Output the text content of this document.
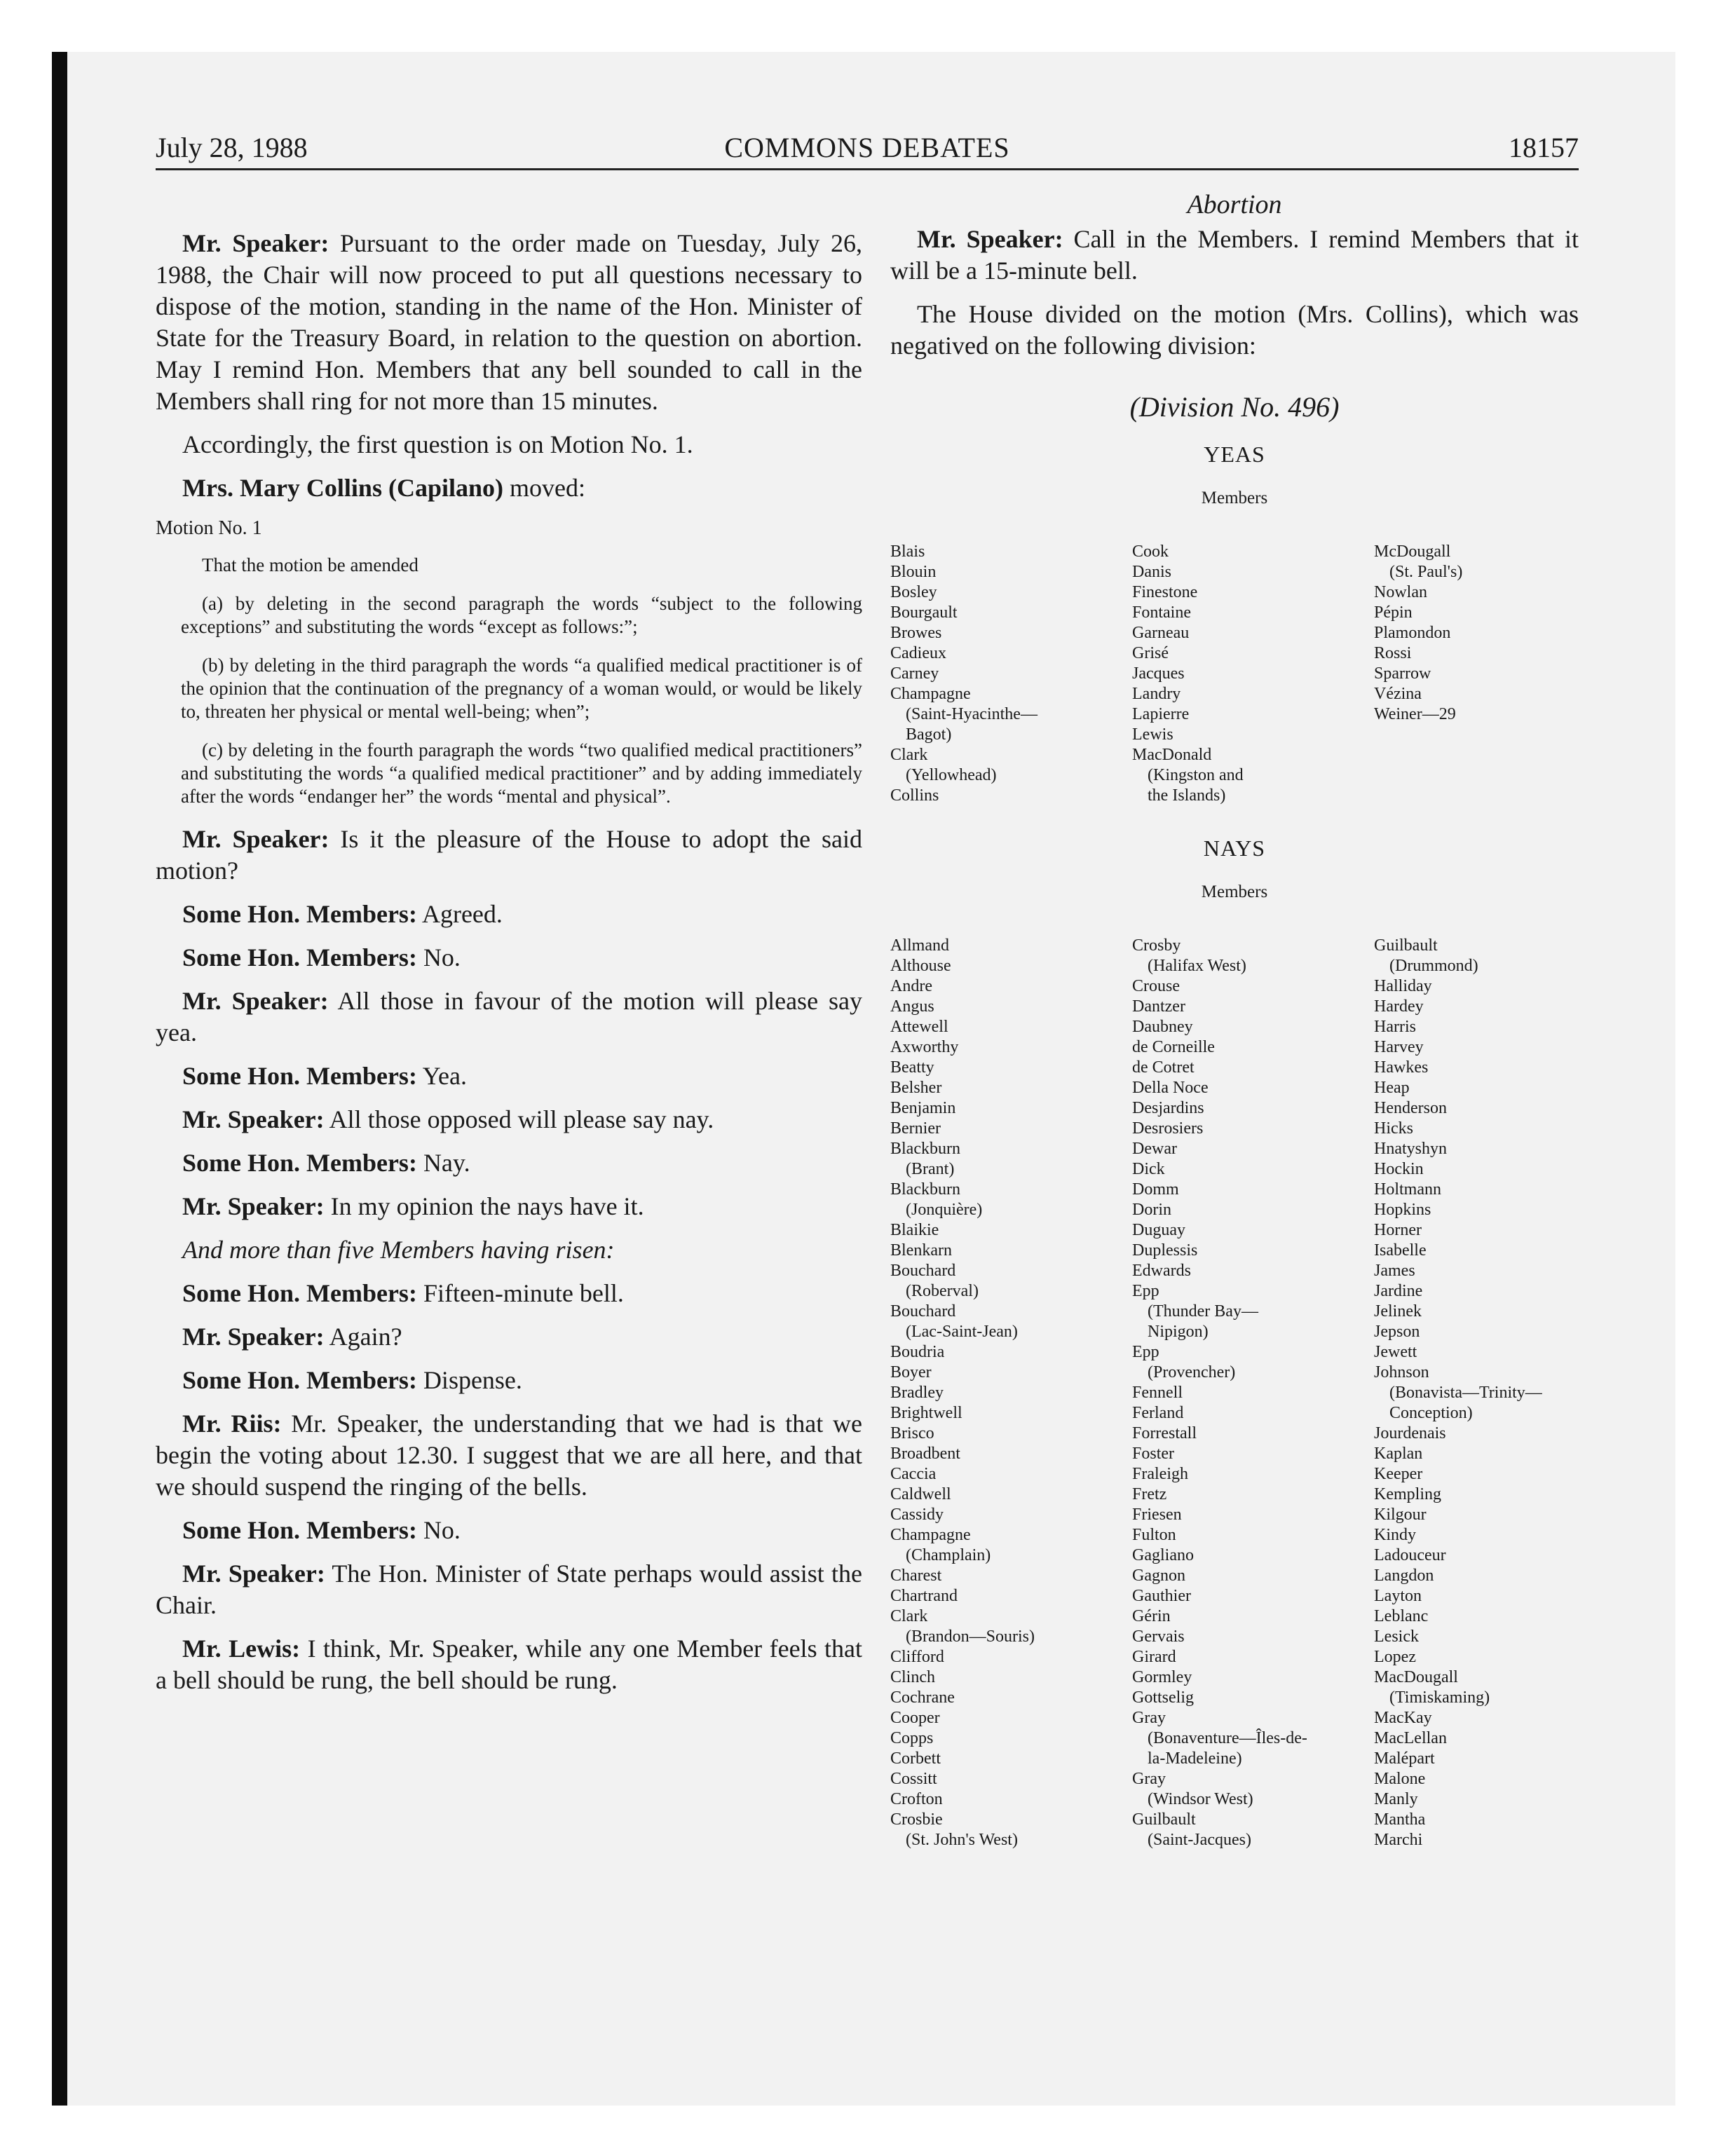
July 28, 1988	COMMONS DEBATES	18157

Mr. Speaker: Pursuant to the order made on Tuesday, July 26, 1988, the Chair will now proceed to put all questions necessary to dispose of the motion, standing in the name of the Hon. Minister of State for the Treasury Board, in relation to the question on abortion. May I remind Hon. Members that any bell sounded to call in the Members shall ring for not more than 15 minutes.

Accordingly, the first question is on Motion No. 1.

Mrs. Mary Collins (Capilano) moved:

Motion No. 1

That the motion be amended

(a) by deleting in the second paragraph the words “subject to the following exceptions” and substituting the words “except as follows:”;

(b) by deleting in the third paragraph the words “a qualified medical practitioner is of the opinion that the continuation of the pregnancy of a woman would, or would be likely to, threaten her physical or mental well-being; when”;

(c) by deleting in the fourth paragraph the words “two qualified medical practitioners” and substituting the words “a qualified medical practitioner” and by adding immediately after the words “endanger her” the words “mental and physical”.

Mr. Speaker: Is it the pleasure of the House to adopt the said motion?

Some Hon. Members: Agreed.

Some Hon. Members: No.

Mr. Speaker: All those in favour of the motion will please say yea.

Some Hon. Members: Yea.

Mr. Speaker: All those opposed will please say nay.

Some Hon. Members: Nay.

Mr. Speaker: In my opinion the nays have it.

And more than five Members having risen:

Some Hon. Members: Fifteen-minute bell.

Mr. Speaker: Again?

Some Hon. Members: Dispense.

Mr. Riis: Mr. Speaker, the understanding that we had is that we begin the voting about 12.30. I suggest that we are all here, and that we should suspend the ringing of the bells.

Some Hon. Members: No.

Mr. Speaker: The Hon. Minister of State perhaps would assist the Chair.

Mr. Lewis: I think, Mr. Speaker, while any one Member feels that a bell should be rung, the bell should be rung.

Abortion

Mr. Speaker: Call in the Members. I remind Members that it will be a 15-minute bell.

The House divided on the motion (Mrs. Collins), which was negatived on the following division:

(Division No. 496)

YEAS

Members

Blais
Blouin
Bosley
Bourgault
Browes
Cadieux
Carney
Champagne
(Saint-Hyacinthe—
Bagot)
Clark
(Yellowhead)
Collins
Cook
Danis
Finestone
Fontaine
Garneau
Grisé
Jacques
Landry
Lapierre
Lewis
MacDonald
(Kingston and
the Islands)
McDougall
(St. Paul's)
Nowlan
Pépin
Plamondon
Rossi
Sparrow
Vézina
Weiner—29

NAYS

Members

Allmand
Althouse
Andre
Angus
Attewell
Axworthy
Beatty
Belsher
Benjamin
Bernier
Blackburn
(Brant)
Blackburn
(Jonquière)
Blaikie
Blenkarn
Bouchard
(Roberval)
Bouchard
(Lac-Saint-Jean)
Boudria
Boyer
Bradley
Brightwell
Brisco
Broadbent
Caccia
Caldwell
Cassidy
Champagne
(Champlain)
Charest
Chartrand
Clark
(Brandon—Souris)
Clifford
Clinch
Cochrane
Cooper
Copps
Corbett
Cossitt
Crofton
Crosbie
(St. John's West)
Crosby
(Halifax West)
Crouse
Dantzer
Daubney
de Corneille
de Cotret
Della Noce
Desjardins
Desrosiers
Dewar
Dick
Domm
Dorin
Duguay
Duplessis
Edwards
Epp
(Thunder Bay—
Nipigon)
Epp
(Provencher)
Fennell
Ferland
Forrestall
Foster
Fraleigh
Fretz
Friesen
Fulton
Gagliano
Gagnon
Gauthier
Gérin
Gervais
Girard
Gormley
Gottselig
Gray
(Bonaventure—Îles-de-
la-Madeleine)
Gray
(Windsor West)
Guilbault
(Saint-Jacques)
Guilbault
(Drummond)
Halliday
Hardey
Harris
Harvey
Hawkes
Heap
Henderson
Hicks
Hnatyshyn
Hockin
Holtmann
Hopkins
Horner
Isabelle
James
Jardine
Jelinek
Jepson
Jewett
Johnson
(Bonavista—Trinity—
Conception)
Jourdenais
Kaplan
Keeper
Kempling
Kilgour
Kindy
Ladouceur
Langdon
Layton
Leblanc
Lesick
Lopez
MacDougall
(Timiskaming)
MacKay
MacLellan
Malépart
Malone
Manly
Mantha
Marchi
